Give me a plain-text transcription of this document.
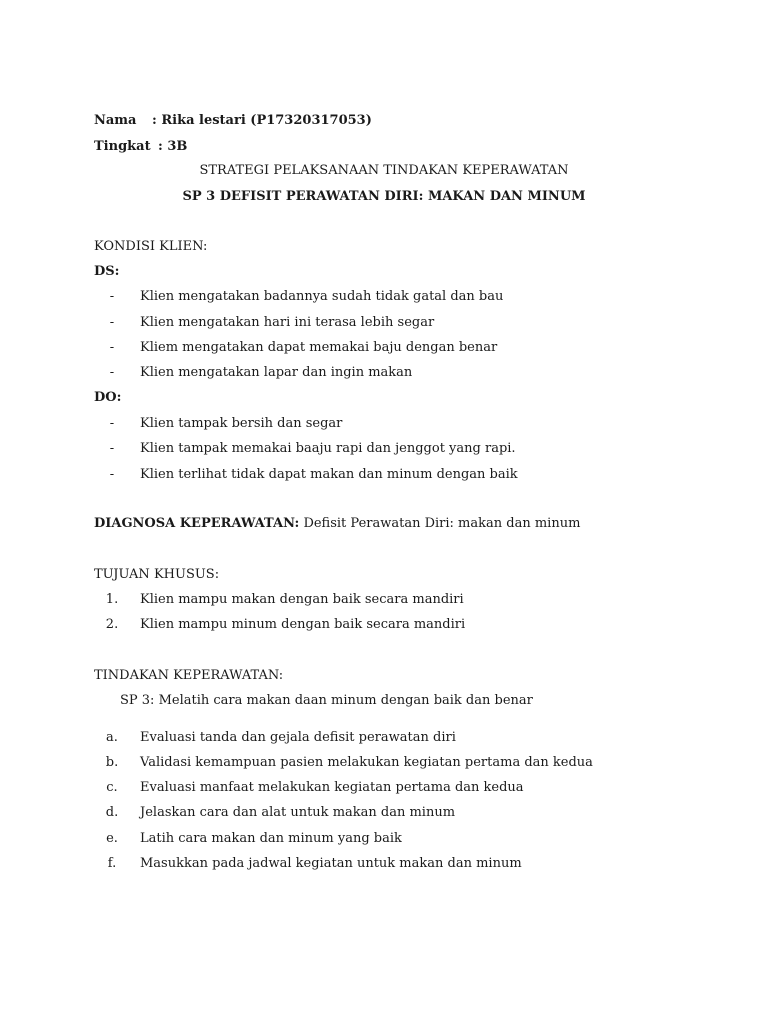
Nama : Rika lestari (P17320317053)
Tingkat : 3B
STRATEGI PELAKSANAAN TINDAKAN KEPERAWATAN
SP 3 DEFISIT PERAWATAN DIRI: MAKAN DAN MINUM
KONDISI KLIEN:
DS:
-	Klien mengatakan badannya sudah tidak gatal dan bau
-	Klien mengatakan hari ini terasa lebih segar
-	Kliem mengatakan dapat memakai baju dengan benar
-	Klien mengatakan lapar dan ingin makan
DO:
-	Klien tampak bersih dan segar
-	Klien tampak memakai baaju rapi dan jenggot yang rapi.
-	Klien terlihat tidak dapat makan dan minum dengan baik
DIAGNOSA KEPERAWATAN: Defisit Perawatan Diri: makan dan minum
TUJUAN KHUSUS:
1.	Klien mampu makan dengan baik secara mandiri
2.	Klien mampu minum dengan baik secara mandiri
TINDAKAN KEPERAWATAN:
SP 3: Melatih cara makan daan minum dengan baik dan benar
a.	Evaluasi tanda dan gejala defisit perawatan diri
b.	Validasi kemampuan pasien melakukan kegiatan pertama dan kedua
c.	Evaluasi manfaat melakukan kegiatan pertama dan kedua
d.	Jelaskan cara dan alat untuk makan dan minum
e.	Latih cara makan dan minum yang baik
f.	Masukkan pada jadwal kegiatan untuk makan dan minum
